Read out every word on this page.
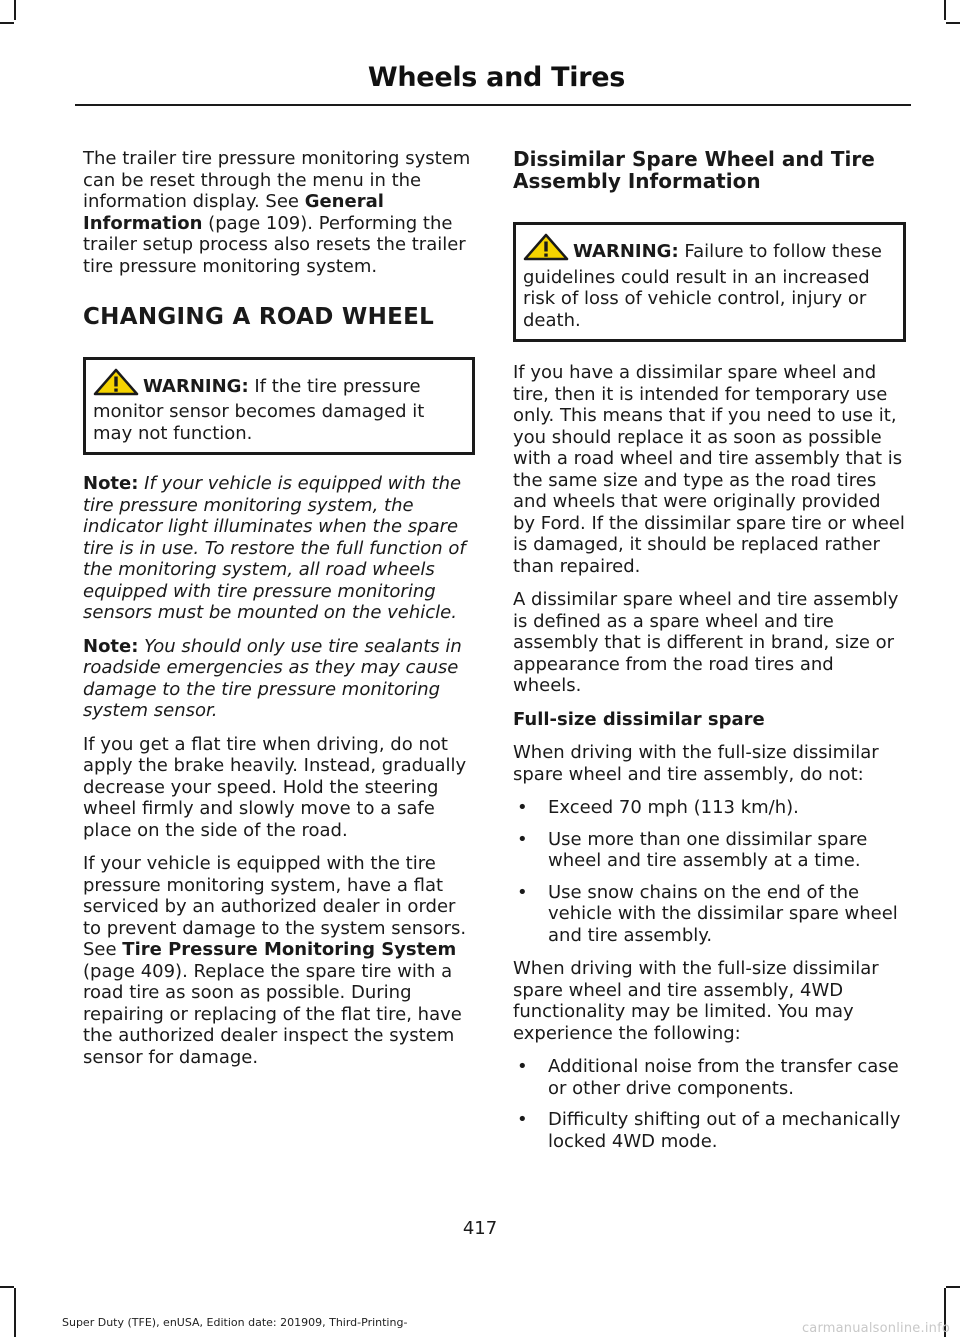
Wheels and Tires

The trailer tire pressure monitoring system can be reset through the menu in the information display. See General Information (page 109). Performing the trailer setup process also resets the trailer tire pressure monitoring system.

CHANGING A ROAD WHEEL
WARNING: If the tire pressure monitor sensor becomes damaged it may not function.

Note: If your vehicle is equipped with the tire pressure monitoring system, the indicator light illuminates when the spare tire is in use. To restore the full function of the monitoring system, all road wheels equipped with tire pressure monitoring sensors must be mounted on the vehicle.

Note: You should only use tire sealants in roadside emergencies as they may cause damage to the tire pressure monitoring system sensor.

If you get a flat tire when driving, do not apply the brake heavily. Instead, gradually decrease your speed. Hold the steering wheel firmly and slowly move to a safe place on the side of the road.

If your vehicle is equipped with the tire pressure monitoring system, have a flat serviced by an authorized dealer in order to prevent damage to the system sensors. See Tire Pressure Monitoring System (page 409). Replace the spare tire with a road tire as soon as possible. During repairing or replacing of the flat tire, have the authorized dealer inspect the system sensor for damage.

Dissimilar Spare Wheel and Tire Assembly Information
WARNING: Failure to follow these guidelines could result in an increased risk of loss of vehicle control, injury or death.

If you have a dissimilar spare wheel and tire, then it is intended for temporary use only. This means that if you need to use it, you should replace it as soon as possible with a road wheel and tire assembly that is the same size and type as the road tires and wheels that were originally provided by Ford. If the dissimilar spare tire or wheel is damaged, it should be replaced rather than repaired.

A dissimilar spare wheel and tire assembly is defined as a spare wheel and tire assembly that is different in brand, size or appearance from the road tires and wheels.

Full-size dissimilar spare

When driving with the full-size dissimilar spare wheel and tire assembly, do not:

• Exceed 70 mph (113 km/h).
• Use more than one dissimilar spare wheel and tire assembly at a time.
• Use snow chains on the end of the vehicle with the dissimilar spare wheel and tire assembly.

When driving with the full-size dissimilar spare wheel and tire assembly, 4WD functionality may be limited. You may experience the following:

• Additional noise from the transfer case or other drive components.
• Difficulty shifting out of a mechanically locked 4WD mode.
417
Super Duty (TFE), enUSA, Edition date: 201909, Third-Printing-	carmanualsonline.info
